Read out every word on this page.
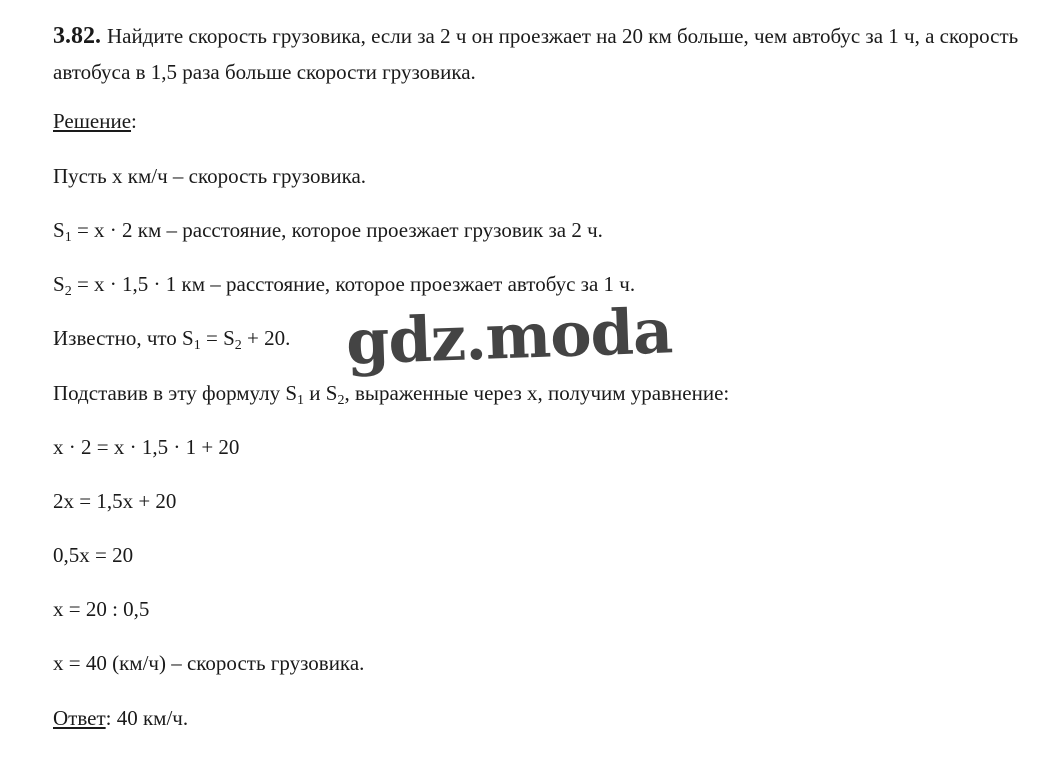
3.82. Найдите скорость грузовика, если за 2 ч он проезжает на 20 км больше, чем автобус за 1 ч, а скорость автобуса в 1,5 раза больше скорости грузовика.
Решение:
Пусть x км/ч – скорость грузовика.
$S_1 = x \cdot 2$ км – расстояние, которое проезжает грузовик за 2 ч.
$S_2 = x \cdot 1,5 \cdot 1$ км – расстояние, которое проезжает автобус за 1 ч.
Известно, что $S_1 = S_2 + 20$.
Подставив в эту формулу $S_1$ и $S_2$, выраженные через x, получим уравнение:
x · 2 = x · 1,5 · 1 + 20
2x = 1,5x + 20
0,5x = 20
x = 20 : 0,5
x = 40 (км/ч) – скорость грузовика.
Ответ: 40 км/ч.
gdz.moda
